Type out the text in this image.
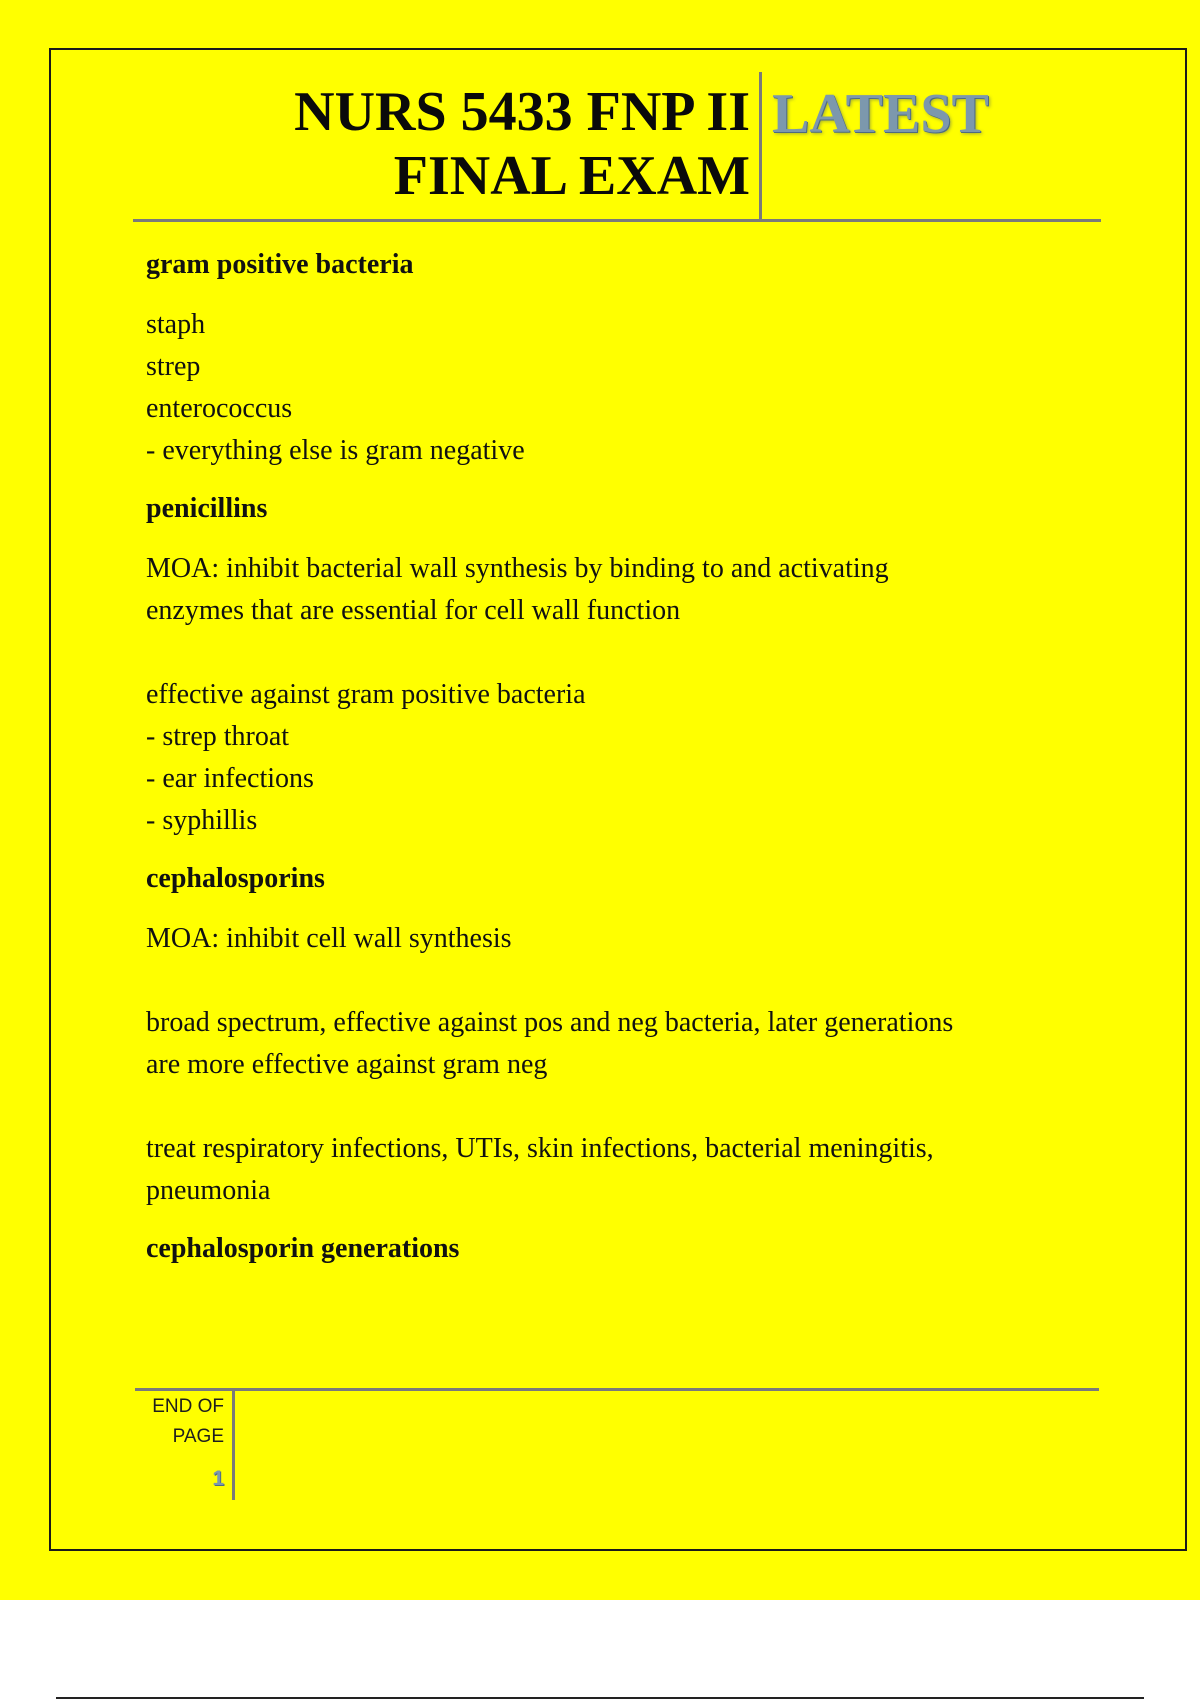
NURS 5433 FNP II
FINAL EXAM
LATEST
gram positive bacteria
staph
strep
enterococcus
- everything else is gram negative
penicillins
MOA: inhibit bacterial wall synthesis by binding to and activating
enzymes that are essential for cell wall function
effective against gram positive bacteria
- strep throat
- ear infections
- syphillis
cephalosporins
MOA: inhibit cell wall synthesis
broad spectrum, effective against pos and neg bacteria, later generations
are more effective against gram neg
treat respiratory infections, UTIs, skin infections, bacterial meningitis,
pneumonia
cephalosporin generations
END OF
PAGE
1
